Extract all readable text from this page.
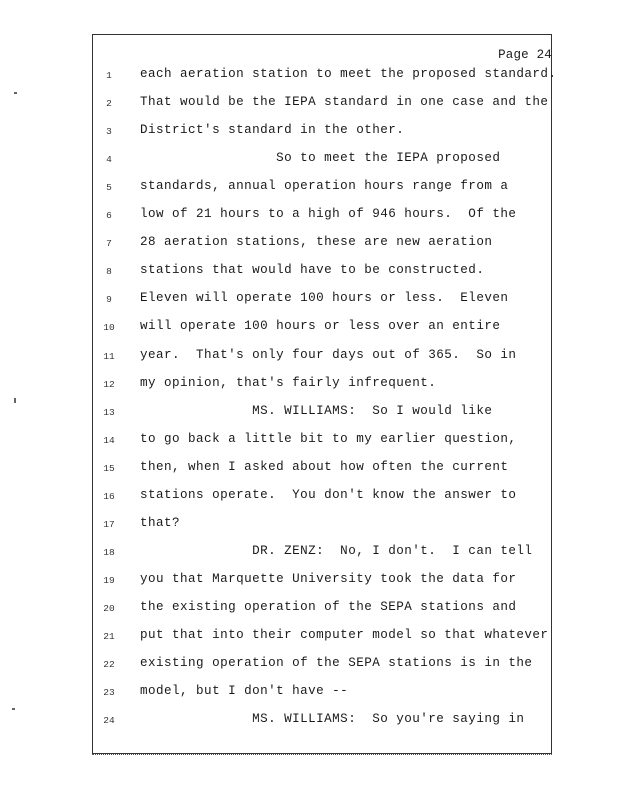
Page 24
1	each aeration station to meet the proposed standard.
2	That would be the IEPA standard in one case and the
3	District's standard in the other.
4	So to meet the IEPA proposed
5	standards, annual operation hours range from a
6	low of 21 hours to a high of 946 hours.  Of the
7	28 aeration stations, these are new aeration
8	stations that would have to be constructed.
9	Eleven will operate 100 hours or less.  Eleven
10	will operate 100 hours or less over an entire
11	year.  That's only four days out of 365.  So in
12	my opinion, that's fairly infrequent.
13	MS. WILLIAMS:  So I would like
14	to go back a little bit to my earlier question,
15	then, when I asked about how often the current
16	stations operate.  You don't know the answer to
17	that?
18	DR. ZENZ:  No, I don't.  I can tell
19	you that Marquette University took the data for
20	the existing operation of the SEPA stations and
21	put that into their computer model so that whatever
22	existing operation of the SEPA stations is in the
23	model, but I don't have --
24	MS. WILLIAMS:  So you're saying in
